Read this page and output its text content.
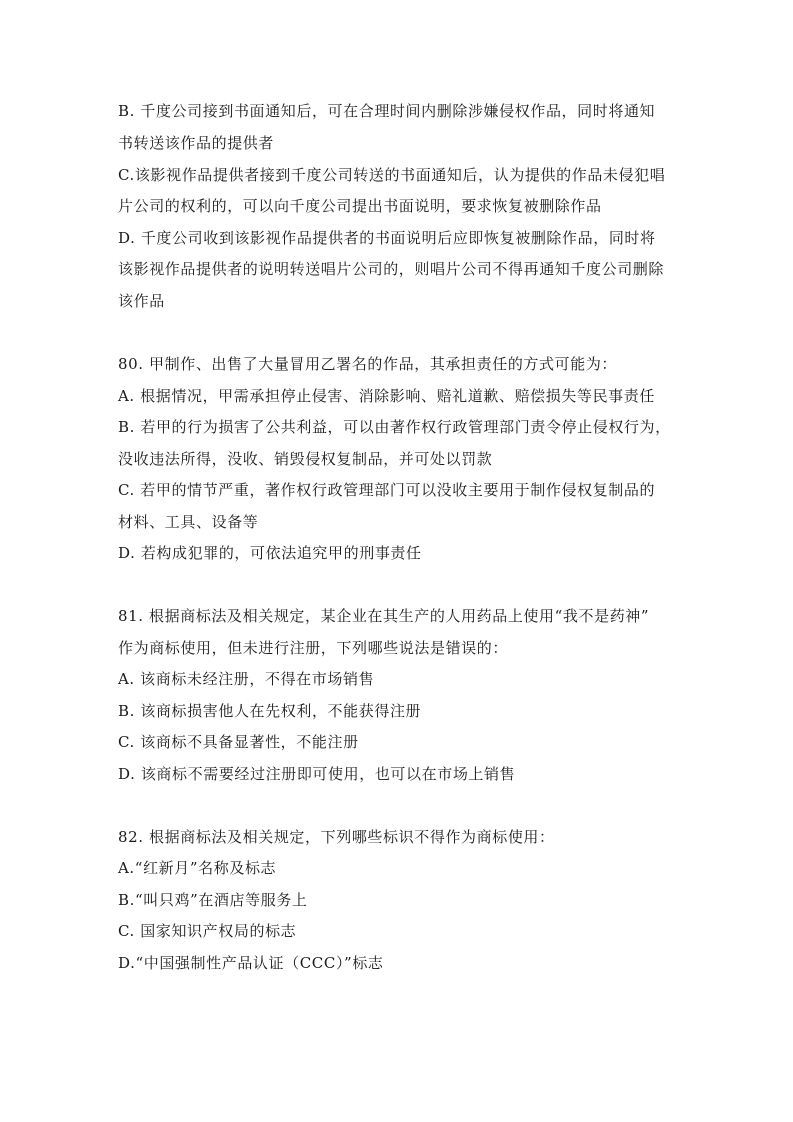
B. 千度公司接到书面通知后，可在合理时间内删除涉嫌侵权作品，同时将通知
书转送该作品的提供者
C.该影视作品提供者接到千度公司转送的书面通知后，认为提供的作品未侵犯唱
片公司的权利的，可以向千度公司提出书面说明，要求恢复被删除作品
D. 千度公司收到该影视作品提供者的书面说明后应即恢复被删除作品，同时将
该影视作品提供者的说明转送唱片公司的，则唱片公司不得再通知千度公司删除
该作品
80. 甲制作、出售了大量冒用乙署名的作品，其承担责任的方式可能为：
A. 根据情况，甲需承担停止侵害、消除影响、赔礼道歉、赔偿损失等民事责任
B. 若甲的行为损害了公共利益，可以由著作权行政管理部门责令停止侵权行为，
没收违法所得，没收、销毁侵权复制品，并可处以罚款
C. 若甲的情节严重，著作权行政管理部门可以没收主要用于制作侵权复制品的
材料、工具、设备等
D. 若构成犯罪的，可依法追究甲的刑事责任
81. 根据商标法及相关规定，某企业在其生产的人用药品上使用“我不是药神”
作为商标使用，但未进行注册，下列哪些说法是错误的：
A. 该商标未经注册，不得在市场销售
B. 该商标损害他人在先权利，不能获得注册
C. 该商标不具备显著性，不能注册
D. 该商标不需要经过注册即可使用，也可以在市场上销售
82. 根据商标法及相关规定，下列哪些标识不得作为商标使用：
A.“红新月”名称及标志
B.“叫只鸡”在酒店等服务上
C. 国家知识产权局的标志
D.“中国强制性产品认证（CCC）”标志
